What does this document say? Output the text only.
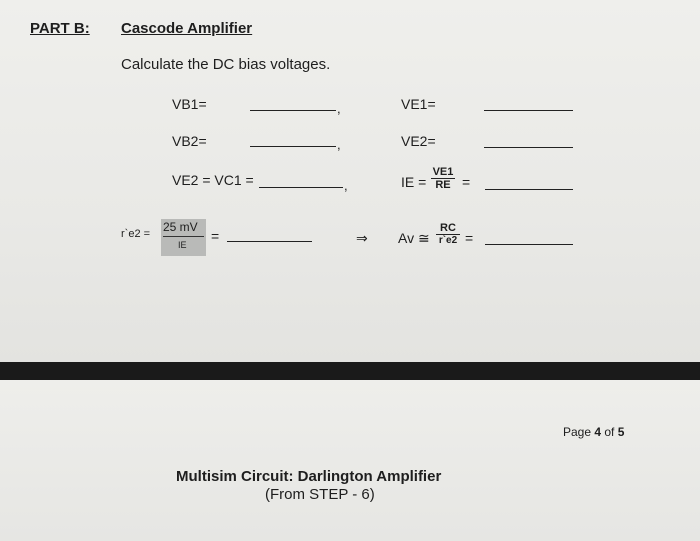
PART B: Cascode Amplifier
Calculate the DC bias voltages.
VB1=	,	VE1=
VB2=	,	VE2=
VE2 = VC1 =	,	IE = $\frac{VE1}{RE}$ =
r`e2 = 25 mV
IE
=	⇒ Av ≅ $\frac{RC}{r`e2}$ =
Page 4 of 5
Multisim Circuit: Darlington Amplifier
(From STEP - 6)
